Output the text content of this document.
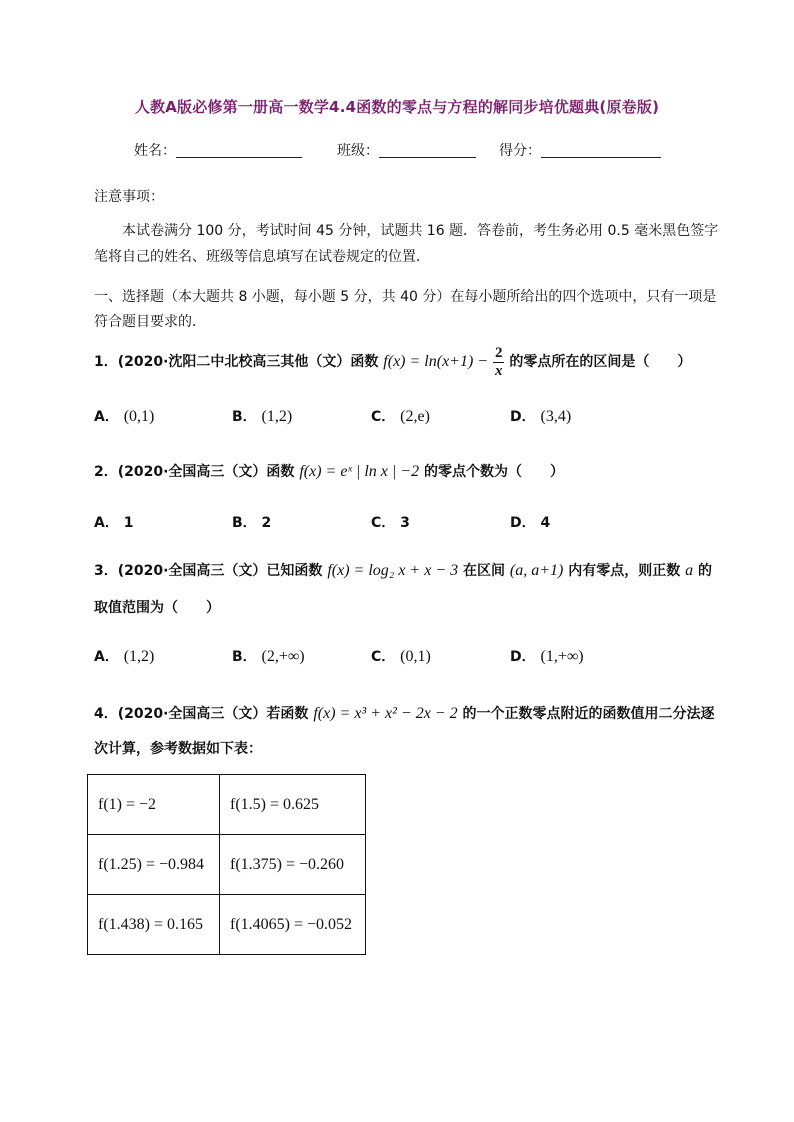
人教A版必修第一册高一数学4.4函数的零点与方程的解同步培优题典(原卷版)
姓名：	班级：	得分：
注意事项：
本试卷满分 100 分，考试时间 45 分钟，试题共 16 题．答卷前，考生务必用 0.5 毫米黑色签字
笔将自己的姓名、班级等信息填写在试卷规定的位置．
一、选择题（本大题共 8 小题，每小题 5 分，共 40 分）在每小题所给出的四个选项中，只有一项是
符合题目要求的．
1．(2020·沈阳二中北校高三其他（文）函数 $f(x) = \ln(x+1) - \frac{2}{x}$ 的零点所在的区间是（　　）
A． (0,1)	B． (1,2)	C． (2,e)	D． (3,4)
2．(2020·全国高三（文）函数 f(x) = eˣ | ln x | −2 的零点个数为（　　）
A． 1	B． 2	C． 3	D． 4
3．(2020·全国高三（文）已知函数 f(x) = log₂ x + x − 3 在区间 (a, a+1) 内有零点，则正数 a 的
取值范围为（　　）
A． (1,2)	B． (2,+∞)	C． (0,1)	D． (1,+∞)
4．(2020·全国高三（文）若函数 f(x) = x³ + x² − 2x − 2 的一个正数零点附近的函数值用二分法逐
次计算，参考数据如下表：
f(1) = −2	f(1.5) = 0.625
f(1.25) = −0.984	f(1.375) = −0.260
f(1.438) = 0.165	f(1.4065) = −0.052
